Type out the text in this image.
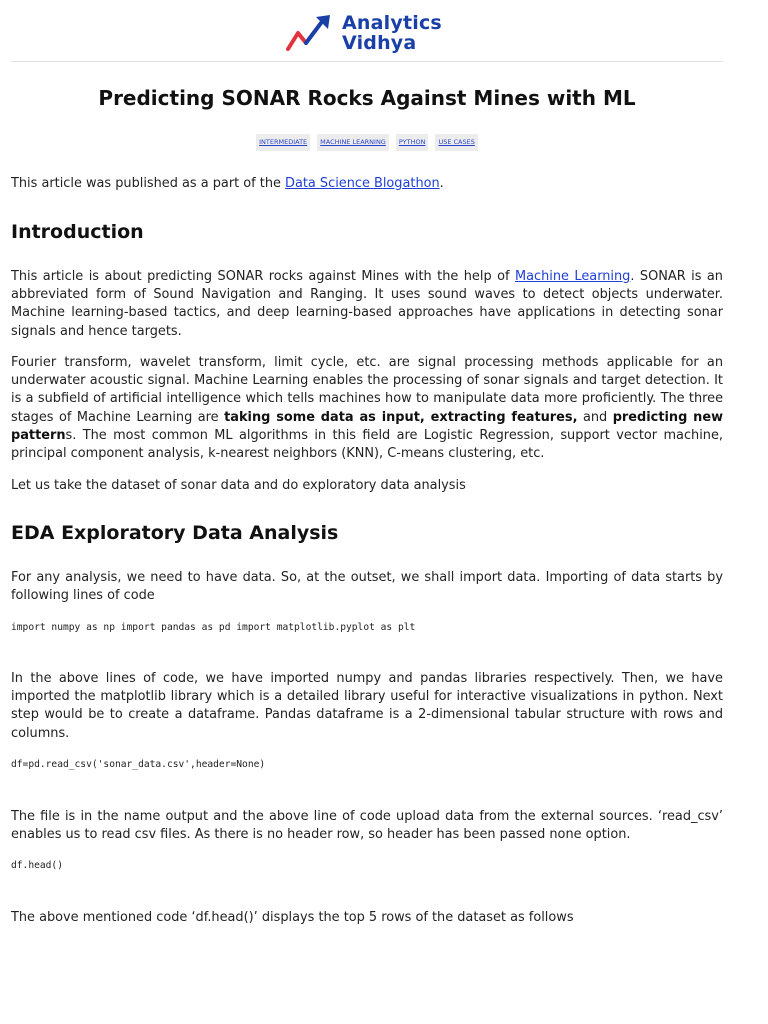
Analytics
Vidhya
Predicting SONAR Rocks Against Mines with ML
INTERMEDIATE	MACHINE LEARNING	PYTHON	USE CASES

This article was published as a part of the Data Science Blogathon.

Introduction

This article is about predicting SONAR rocks against Mines with the help of Machine Learning. SONAR is an abbreviated form of Sound Navigation and Ranging. It uses sound waves to detect objects underwater. Machine learning-based tactics, and deep learning-based approaches have applications in detecting sonar signals and hence targets.

Fourier transform, wavelet transform, limit cycle, etc. are signal processing methods applicable for an underwater acoustic signal. Machine Learning enables the processing of sonar signals and target detection. It is a subfield of artificial intelligence which tells machines how to manipulate data more proficiently. The three stages of Machine Learning are taking some data as input, extracting features, and predicting new patterns. The most common ML algorithms in this field are Logistic Regression, support vector machine, principal component analysis, k-nearest neighbors (KNN), C-means clustering, etc.

Let us take the dataset of sonar data and do exploratory data analysis

EDA Exploratory Data Analysis

For any analysis, we need to have data. So, at the outset, we shall import data. Importing of data starts by following lines of code

import numpy as np import pandas as pd import matplotlib.pyplot as plt

In the above lines of code, we have imported numpy and pandas libraries respectively. Then, we have imported the matplotlib library which is a detailed library useful for interactive visualizations in python. Next step would be to create a dataframe. Pandas dataframe is a 2-dimensional tabular structure with rows and columns.

df=pd.read_csv('sonar_data.csv',header=None)

The file is in the name output and the above line of code upload data from the external sources. ‘read_csv’ enables us to read csv files. As there is no header row, so header has been passed none option.

df.head()

The above mentioned code ‘df.head()’ displays the top 5 rows of the dataset as follows
